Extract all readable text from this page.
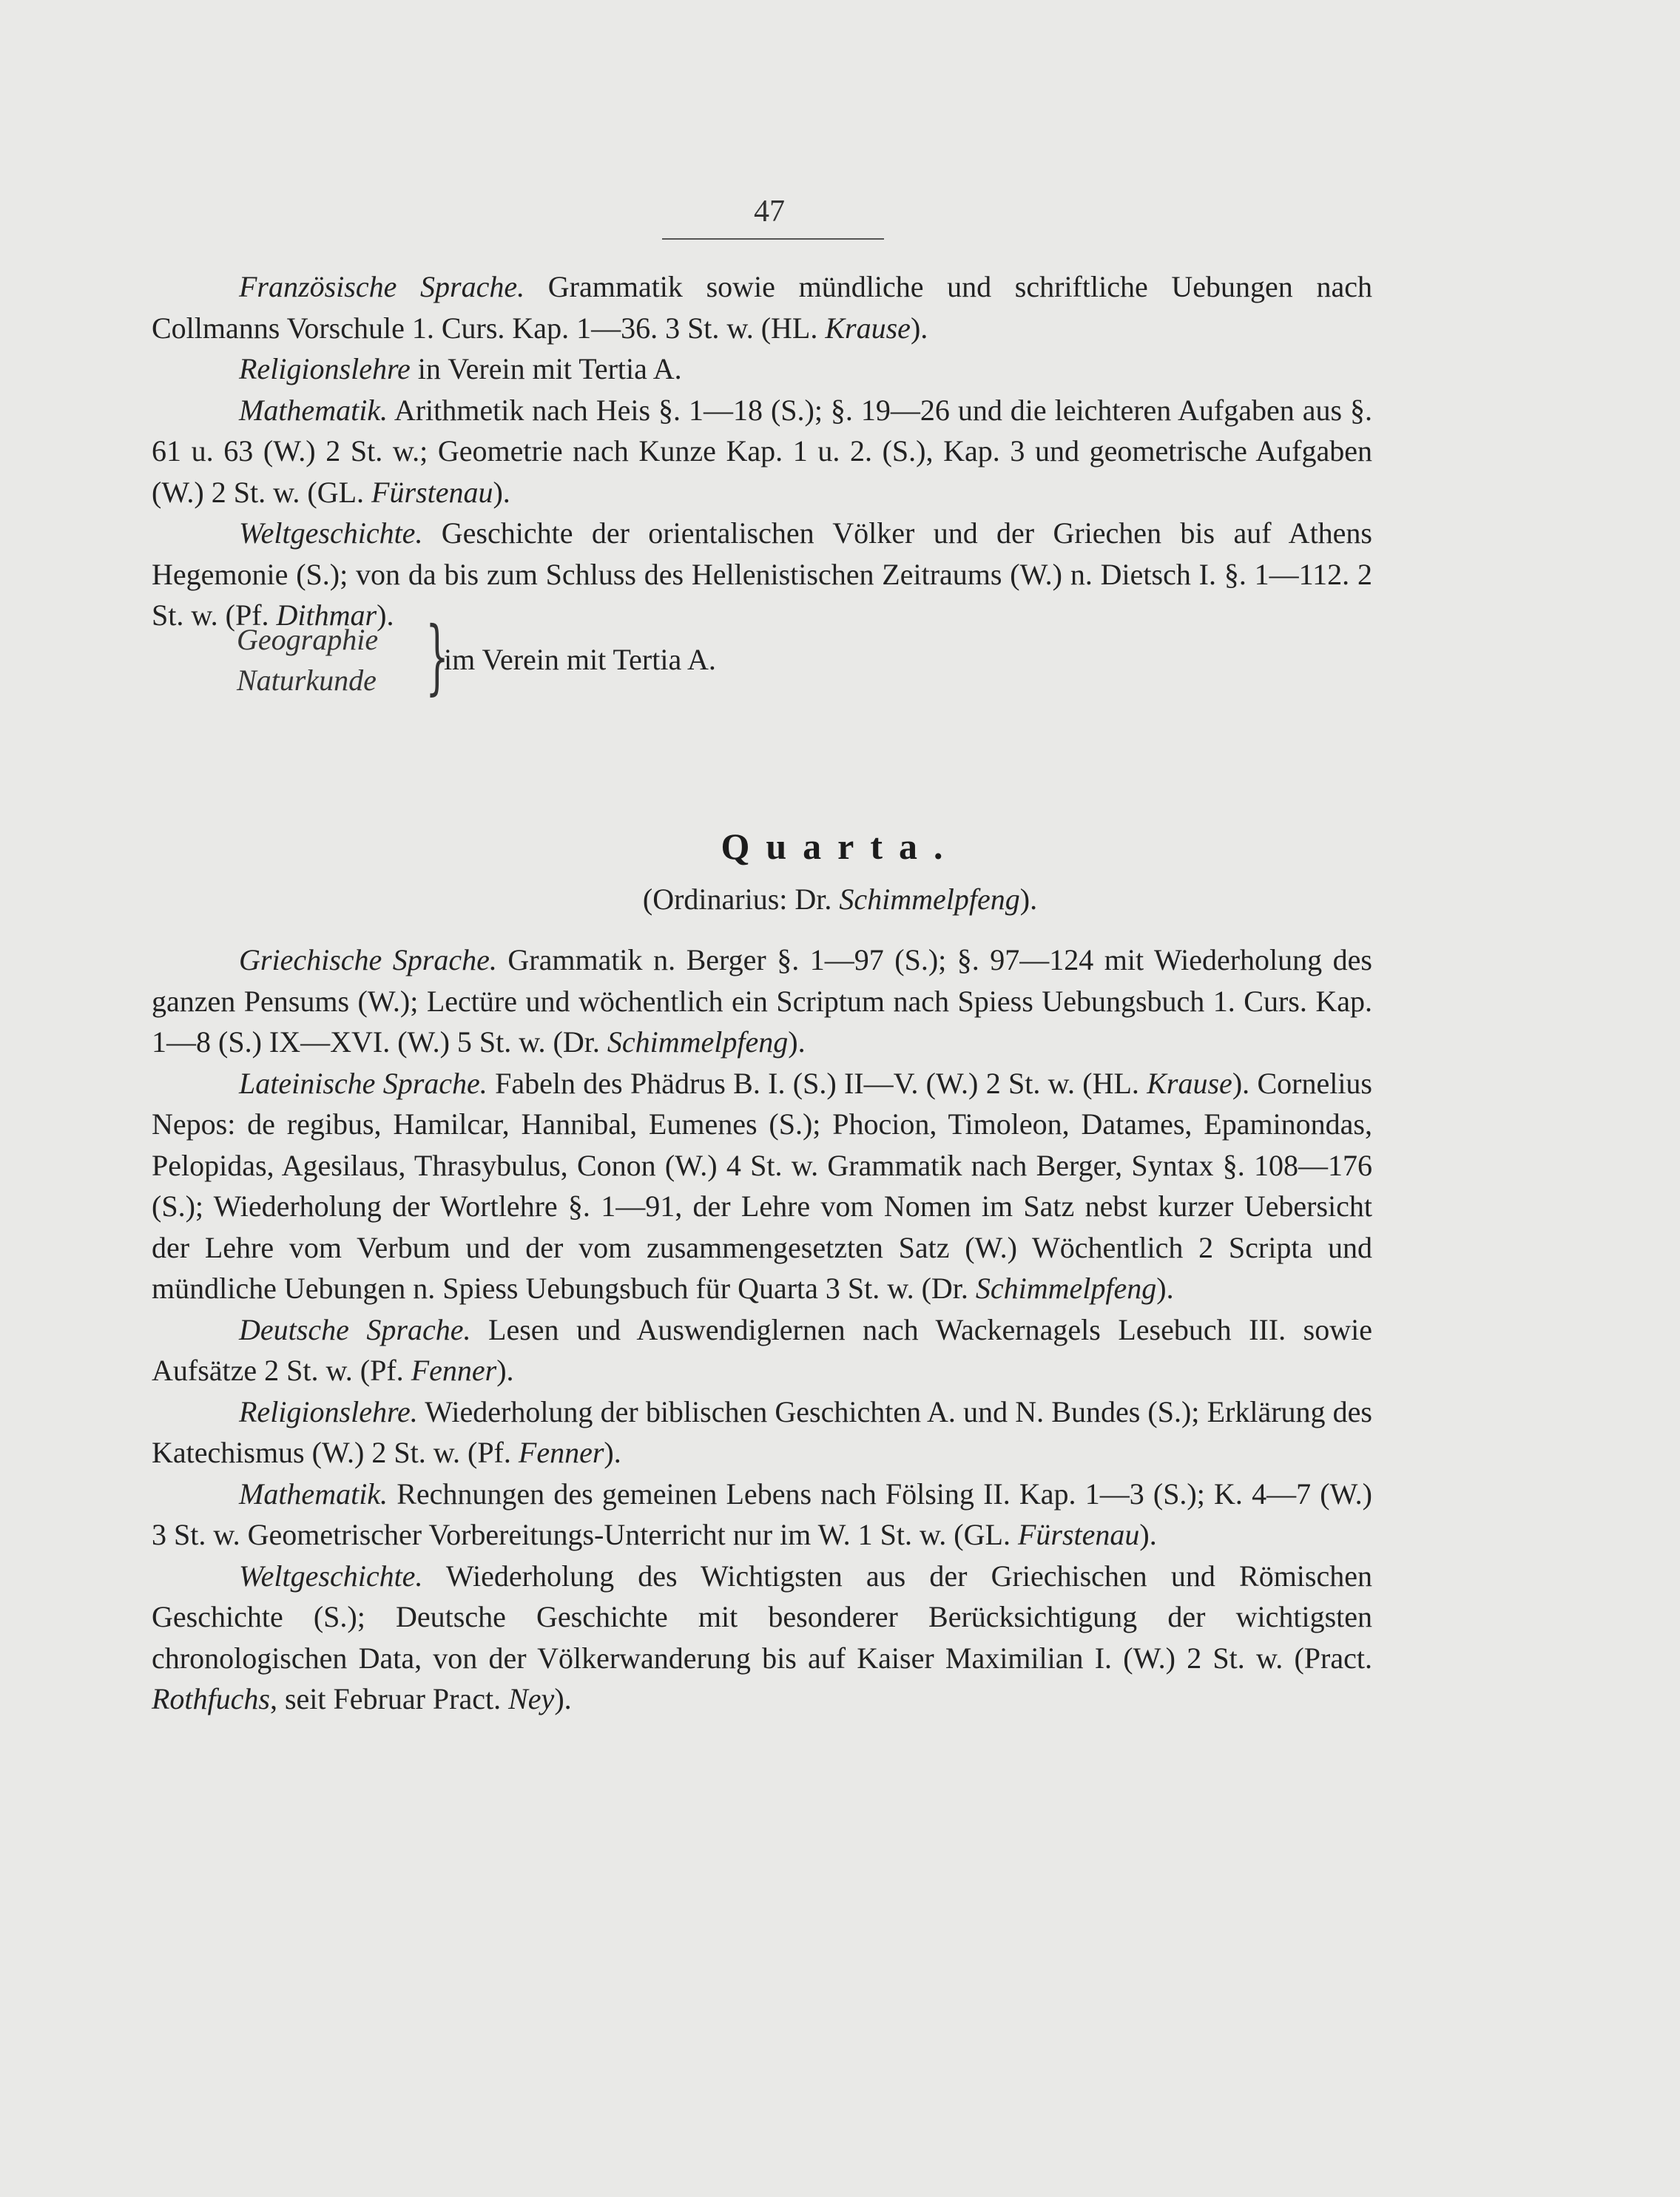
47

Französische Sprache. Grammatik sowie mündliche und schriftliche Uebungen nach Collmanns Vorschule 1. Curs. Kap. 1—36. 3 St. w. (HL. Krause).

Religionslehre in Verein mit Tertia A.

Mathematik. Arithmetik nach Heis §. 1—18 (S.); §. 19—26 und die leichteren Aufgaben aus §. 61 u. 63 (W.) 2 St. w.; Geometrie nach Kunze Kap. 1 u. 2. (S.), Kap. 3 und geometrische Aufgaben (W.) 2 St. w. (GL. Fürstenau).

Weltgeschichte. Geschichte der orientalischen Völker und der Griechen bis auf Athens Hegemonie (S.); von da bis zum Schluss des Hellenistischen Zeitraums (W.) n. Dietsch I. §. 1—112. 2 St. w. (Pf. Dithmar).

Geographie
Naturkunde }
im Verein mit Tertia A.
Quarta.
(Ordinarius: Dr. Schimmelpfeng).

Griechische Sprache. Grammatik n. Berger §. 1—97 (S.); §. 97—124 mit Wiederholung des ganzen Pensums (W.); Lectüre und wöchentlich ein Scriptum nach Spiess Uebungsbuch 1. Curs. Kap. 1—8 (S.) IX—XVI. (W.) 5 St. w. (Dr. Schimmelpfeng).

Lateinische Sprache. Fabeln des Phädrus B. I. (S.) II—V. (W.) 2 St. w. (HL. Krause). Cornelius Nepos: de regibus, Hamilcar, Hannibal, Eumenes (S.); Phocion, Timoleon, Datames, Epaminondas, Pelopidas, Agesilaus, Thrasybulus, Conon (W.) 4 St. w. Grammatik nach Berger, Syntax §. 108—176 (S.); Wiederholung der Wortlehre §. 1—91, der Lehre vom Nomen im Satz nebst kurzer Uebersicht der Lehre vom Verbum und der vom zusammengesetzten Satz (W.) Wöchentlich 2 Scripta und mündliche Uebungen n. Spiess Uebungsbuch für Quarta 3 St. w. (Dr. Schimmelpfeng).

Deutsche Sprache. Lesen und Auswendiglernen nach Wackernagels Lesebuch III. sowie Aufsätze 2 St. w. (Pf. Fenner).

Religionslehre. Wiederholung der biblischen Geschichten A. und N. Bundes (S.); Erklärung des Katechismus (W.) 2 St. w. (Pf. Fenner).

Mathematik. Rechnungen des gemeinen Lebens nach Fölsing II. Kap. 1—3 (S.); K. 4—7 (W.) 3 St. w. Geometrischer Vorbereitungs-Unterricht nur im W. 1 St. w. (GL. Fürstenau).

Weltgeschichte. Wiederholung des Wichtigsten aus der Griechischen und Römischen Geschichte (S.); Deutsche Geschichte mit besonderer Berücksichtigung der wichtigsten chronologischen Data, von der Völkerwanderung bis auf Kaiser Maximilian I. (W.) 2 St. w. (Pract. Rothfuchs, seit Februar Pract. Ney).
